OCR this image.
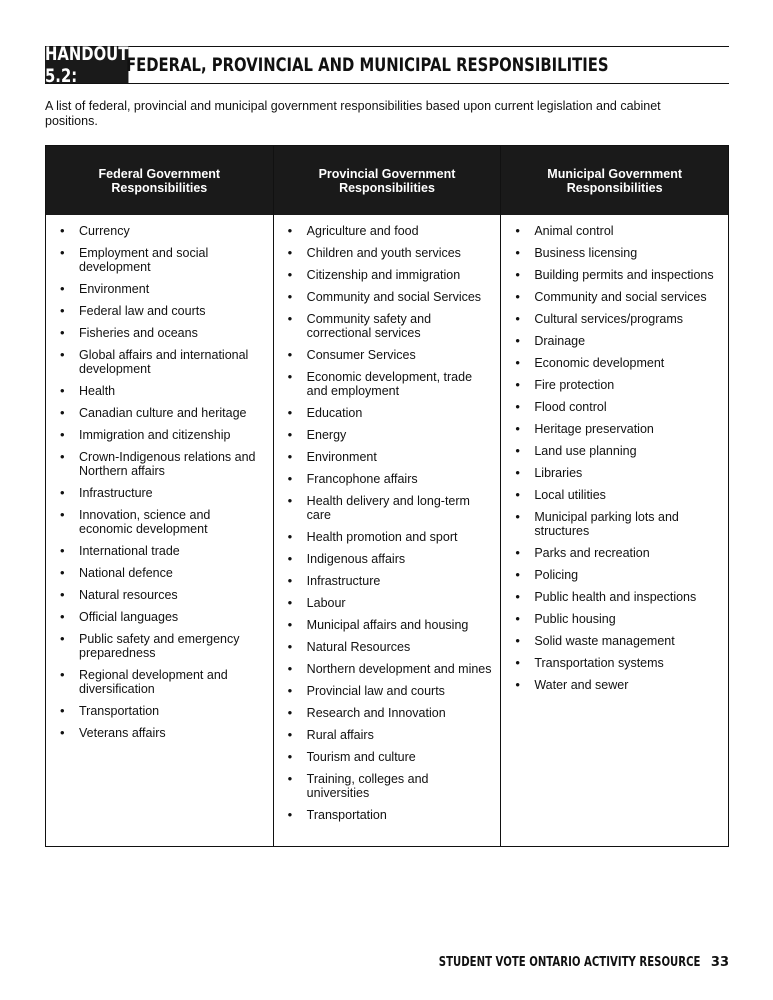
HANDOUT 5.2:	FEDERAL, PROVINCIAL AND MUNICIPAL RESPONSIBILITIES
A list of federal, provincial and municipal government responsibilities based upon current legislation and cabinet positions.
Federal Government Responsibilities
• Currency
• Employment and social development
• Environment
• Federal law and courts
• Fisheries and oceans
• Global affairs and international development
• Health
• Canadian culture and heritage
• Immigration and citizenship
• Crown-Indigenous relations and Northern affairs
• Infrastructure
• Innovation, science and economic development
• International trade
• National defence
• Natural resources
• Official languages
• Public safety and emergency preparedness
• Regional development and diversification
• Transportation
• Veterans affairs
Provincial Government Responsibilities
• Agriculture and food
• Children and youth services
• Citizenship and immigration
• Community and social Services
• Community safety and correctional services
• Consumer Services
• Economic development, trade and employment
• Education
• Energy
• Environment
• Francophone affairs
• Health delivery and long-term care
• Health promotion and sport
• Indigenous affairs
• Infrastructure
• Labour
• Municipal affairs and housing
• Natural Resources
• Northern development and mines
• Provincial law and courts
• Research and Innovation
• Rural affairs
• Tourism and culture
• Training, colleges and universities
• Transportation
Municipal Government Responsibilities
• Animal control
• Business licensing
• Building permits and inspections
• Community and social services
• Cultural services/programs
• Drainage
• Economic development
• Fire protection
• Flood control
• Heritage preservation
• Land use planning
• Libraries
• Local utilities
• Municipal parking lots and structures
• Parks and recreation
• Policing
• Public health and inspections
• Public housing
• Solid waste management
• Transportation systems
• Water and sewer
STUDENT VOTE ONTARIO ACTIVITY RESOURCE 33
